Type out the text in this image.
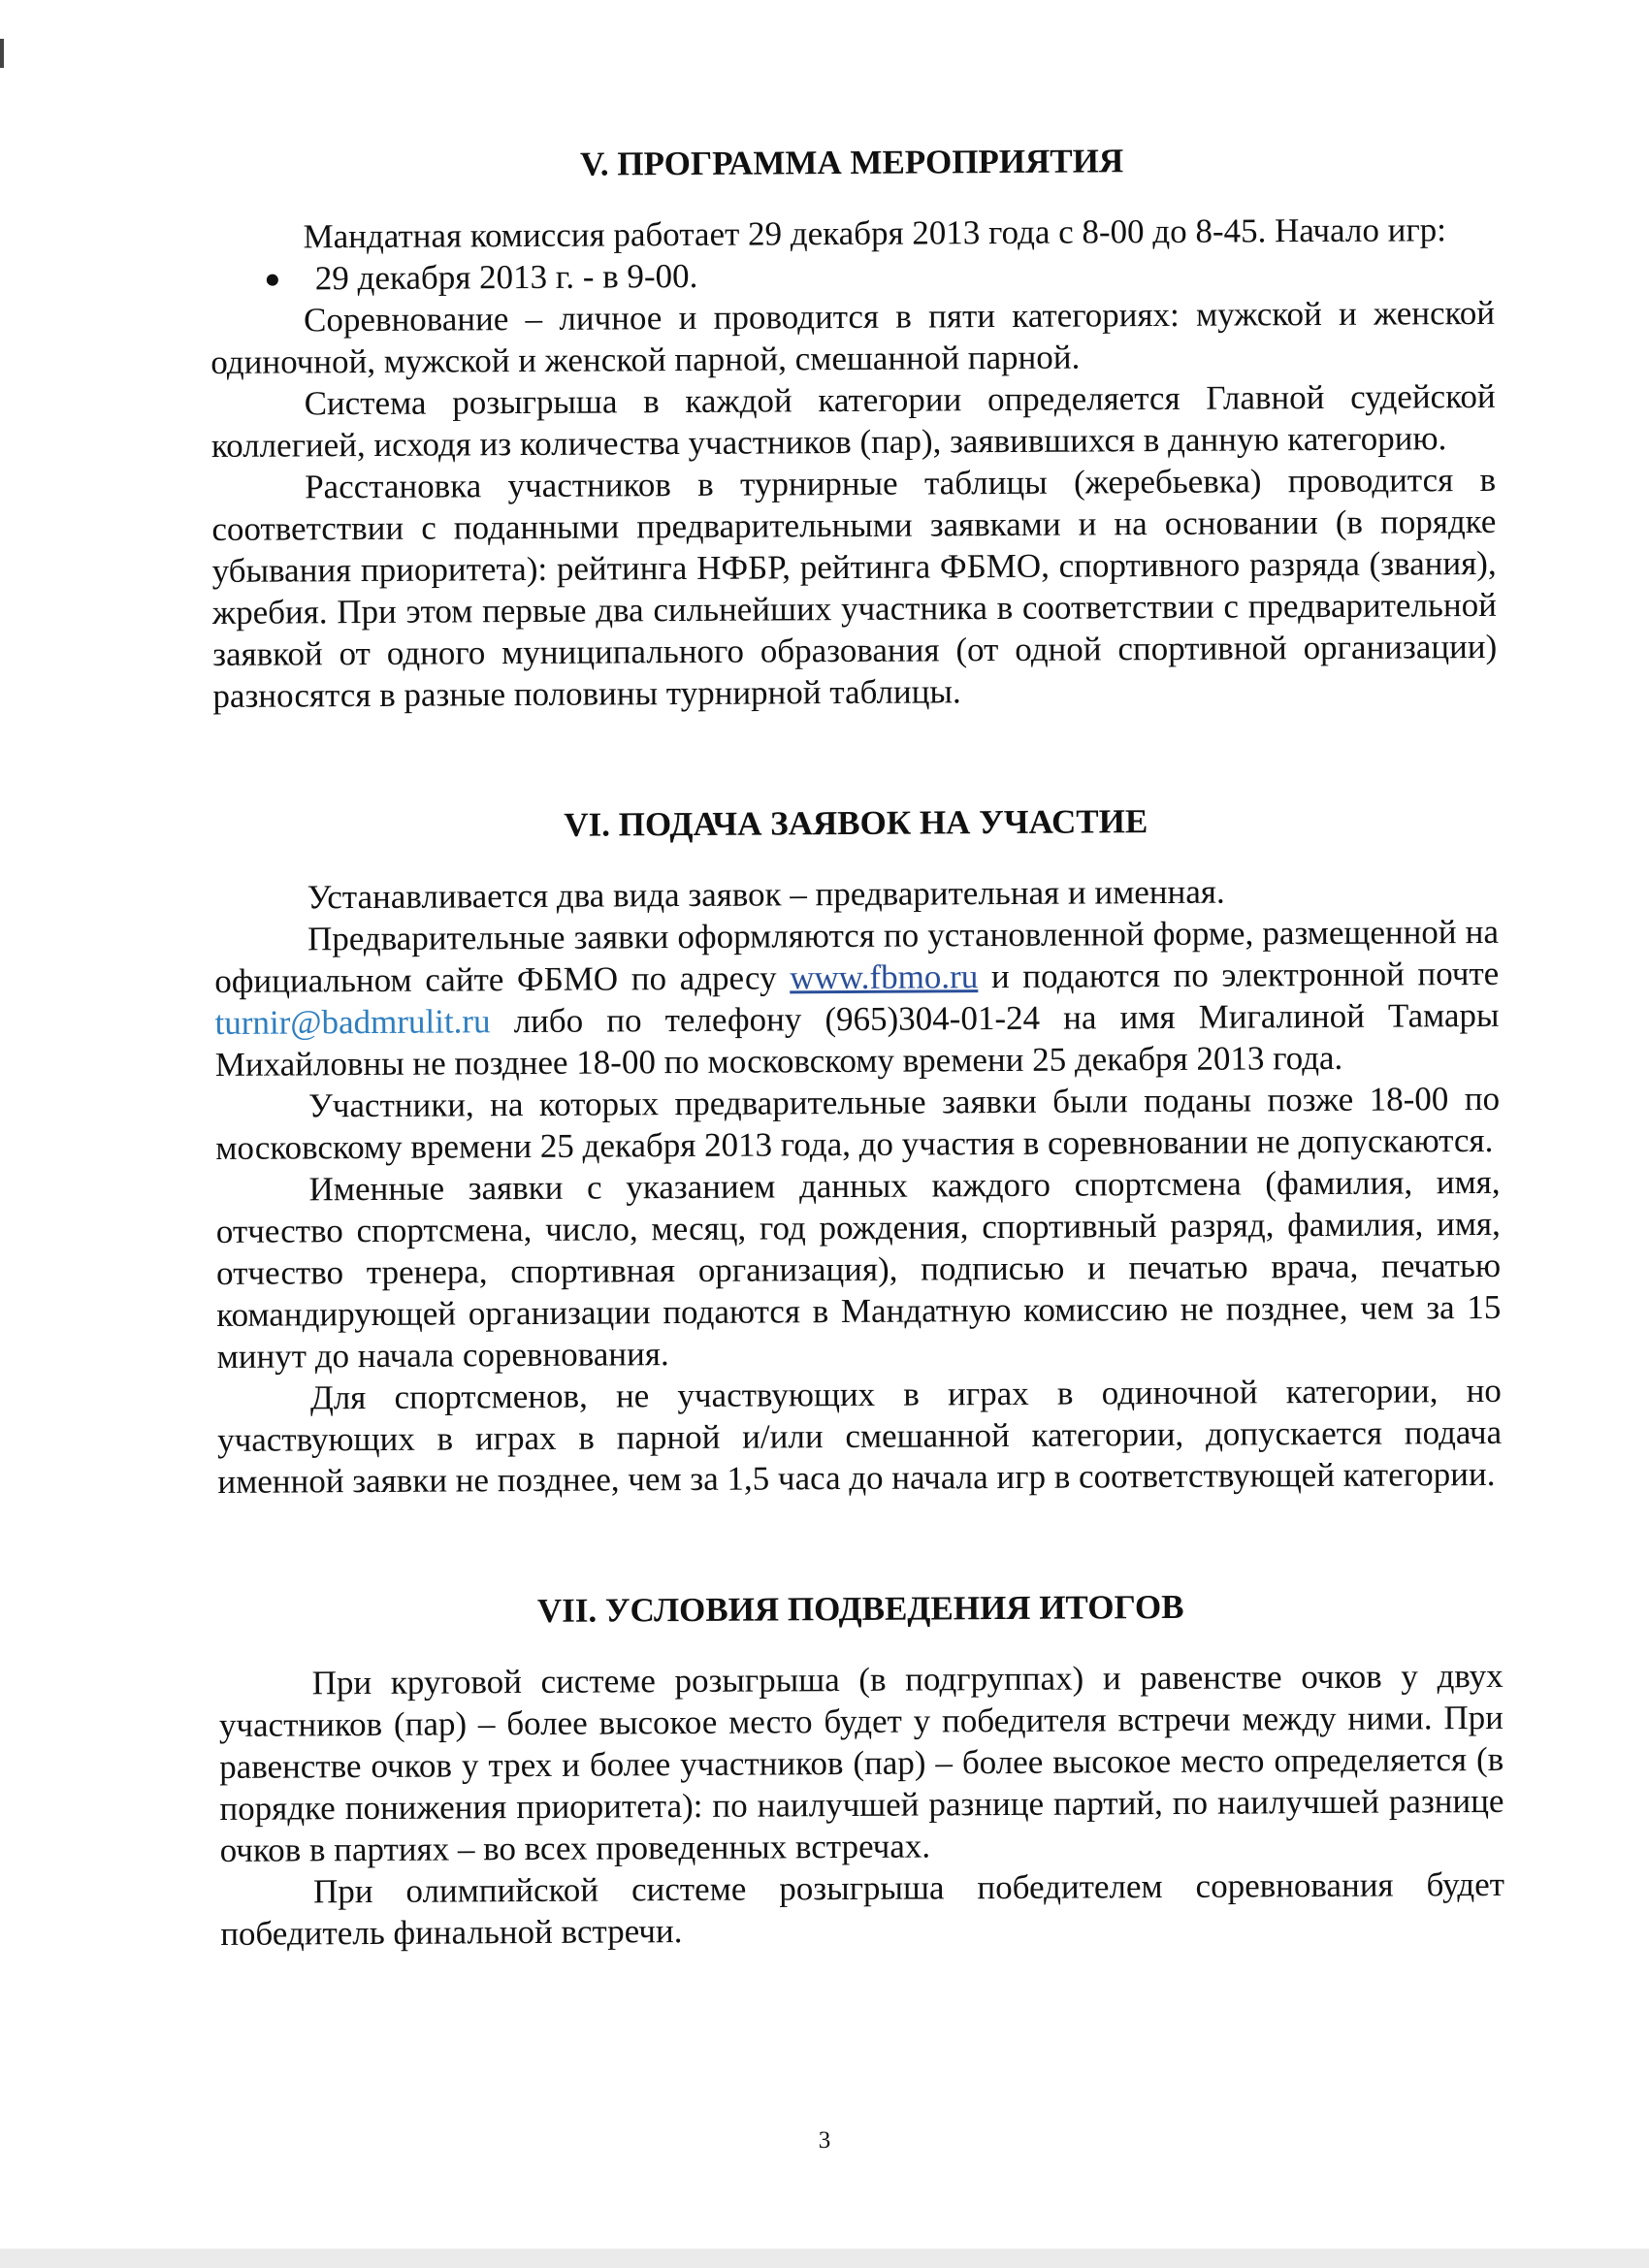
V. ПРОГРАММА МЕРОПРИЯТИЯ

Мандатная комиссия работает 29 декабря 2013 года с 8-00 до 8-45. Начало игр:

29 декабря 2013 г. - в 9-00.

Соревнование – личное и проводится в пяти категориях: мужской и женской одиночной, мужской и женской парной, смешанной парной.

Система розыгрыша в каждой категории определяется Главной судейской коллегией, исходя из количества участников (пар), заявившихся в данную категорию.

Расстановка участников в турнирные таблицы (жеребьевка) проводится в соответствии с поданными предварительными заявками и на основании (в порядке убывания приоритета): рейтинга НФБР, рейтинга ФБМО, спортивного разряда (звания), жребия. При этом первые два сильнейших участника в соответствии с предварительной заявкой от одного муниципального образования (от одной спортивной организации) разносятся в разные половины турнирной таблицы.

VI. ПОДАЧА ЗАЯВОК НА УЧАСТИЕ

Устанавливается два вида заявок – предварительная и именная.

Предварительные заявки оформляются по установленной форме, размещенной на официальном сайте ФБМО по адресу www.fbmo.ru и подаются по электронной почте turnir@badmrulit.ru либо по телефону (965)304-01-24 на имя Мигалиной Тамары Михайловны не позднее 18-00 по московскому времени 25 декабря 2013 года.

Участники, на которых предварительные заявки были поданы позже 18-00 по московскому времени 25 декабря 2013 года, до участия в соревновании не допускаются.

Именные заявки с указанием данных каждого спортсмена (фамилия, имя, отчество спортсмена, число, месяц, год рождения, спортивный разряд, фамилия, имя, отчество тренера, спортивная организация), подписью и печатью врача, печатью командирующей организации подаются в Мандатную комиссию не позднее, чем за 15 минут до начала соревнования.

Для спортсменов, не участвующих в играх в одиночной категории, но участвующих в играх в парной и/или смешанной категории, допускается подача именной заявки не позднее, чем за 1,5 часа до начала игр в соответствующей категории.

VII. УСЛОВИЯ ПОДВЕДЕНИЯ ИТОГОВ

При круговой системе розыгрыша (в подгруппах) и равенстве очков у двух участников (пар) – более высокое место будет у победителя встречи между ними. При равенстве очков у трех и более участников (пар) – более высокое место определяется (в порядке понижения приоритета): по наилучшей разнице партий, по наилучшей разнице очков в партиях – во всех проведенных встречах.

При олимпийской системе розыгрыша победителем соревнования будет победитель финальной встречи.

3
